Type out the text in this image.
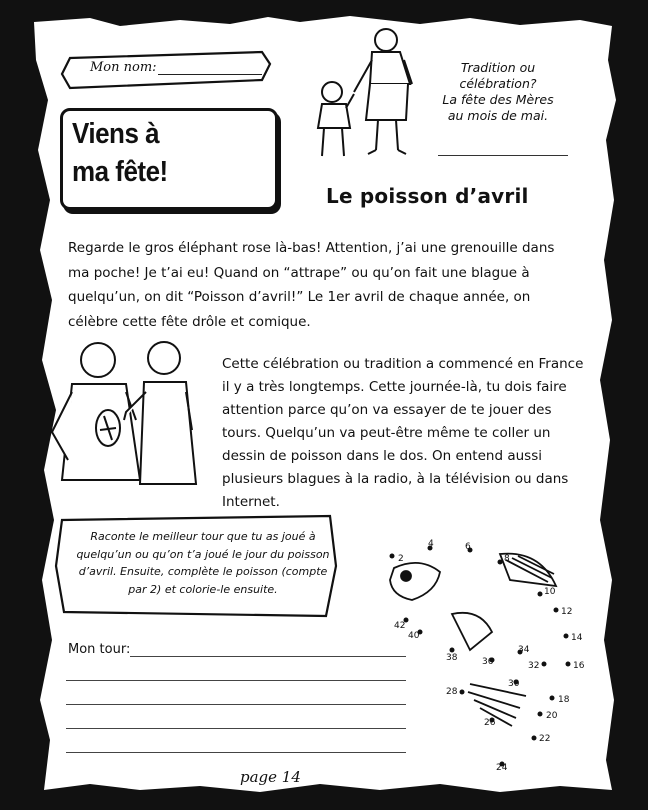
2
4	6
8
10
12
14
16
18
20
22
24
26
28
30
32
34
36
38
40
42
Mon nom:
Viens à
ma fête!
Tradition ou
célébration?
La fête des Mères
au mois de mai.
Le poisson d’avril
Regarde le gros éléphant rose là-bas! Attention, j’ai une grenouille dans ma poche! Je t’ai eu! Quand on “attrape” ou qu’on fait une blague à quelqu’un, on dit “Poisson d’avril!” Le 1er avril de chaque année, on célèbre cette fête drôle et comique.
Cette célébration ou tradition a commencé en France il y a très longtemps. Cette journée-là, tu dois faire attention parce qu’on va essayer de te jouer des tours. Quelqu’un va peut-être même te coller un dessin de poisson dans le dos. On entend aussi plusieurs blagues à la radio, à la télévision ou dans Internet.
Raconte le meilleur tour que tu as joué à quelqu’un ou qu’on t’a joué le jour du poisson d’avril. Ensuite, complète le poisson (compte par 2) et colorie-le ensuite.
Mon tour:
page 14
